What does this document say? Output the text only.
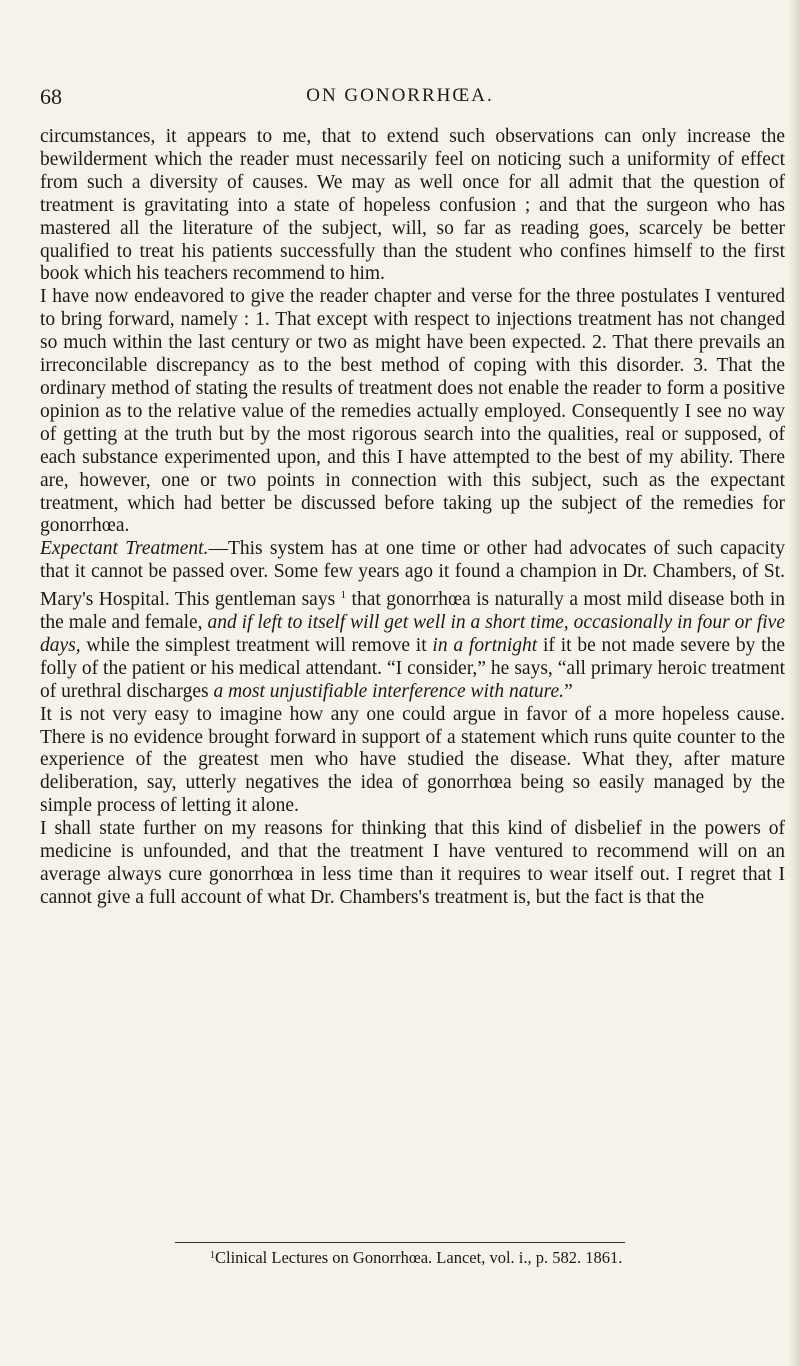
68	ON GONORRHŒA.

circumstances, it appears to me, that to extend such observations can only increase the bewilderment which the reader must necessarily feel on noticing such a uniformity of effect from such a diversity of causes. We may as well once for all admit that the question of treatment is gravitating into a state of hopeless confusion ; and that the surgeon who has mastered all the literature of the subject, will, so far as reading goes, scarcely be better qualified to treat his patients successfully than the student who confines himself to the first book which his teachers recommend to him.

I have now endeavored to give the reader chapter and verse for the three postulates I ventured to bring forward, namely : 1. That except with respect to injections treatment has not changed so much within the last century or two as might have been expected. 2. That there prevails an irreconcilable discrepancy as to the best method of coping with this disorder. 3. That the ordinary method of stating the results of treatment does not enable the reader to form a positive opinion as to the relative value of the remedies actually employed. Consequently I see no way of getting at the truth but by the most rigorous search into the qualities, real or supposed, of each substance experimented upon, and this I have attempted to the best of my ability. There are, however, one or two points in connection with this subject, such as the expectant treatment, which had better be discussed before taking up the subject of the remedies for gonorrhœa.

Expectant Treatment.—This system has at one time or other had advocates of such capacity that it cannot be passed over. Some few years ago it found a champion in Dr. Chambers, of St. Mary's Hospital. This gentleman says $^1$ that gonorrhœa is naturally a most mild disease both in the male and female, and if left to itself will get well in a short time, occasionally in four or five days, while the simplest treatment will remove it in a fortnight if it be not made severe by the folly of the patient or his medical attendant. “I consider,” he says, “all primary heroic treatment of urethral discharges a most unjustifiable interference with nature.”

It is not very easy to imagine how any one could argue in favor of a more hopeless cause. There is no evidence brought forward in support of a statement which runs quite counter to the experience of the greatest men who have studied the disease. What they, after mature deliberation, say, utterly negatives the idea of gonorrhœa being so easily managed by the simple process of letting it alone.

I shall state further on my reasons for thinking that this kind of disbelief in the powers of medicine is unfounded, and that the treatment I have ventured to recommend will on an average always cure gonorrhœa in less time than it requires to wear itself out. I regret that I cannot give a full account of what Dr. Chambers's treatment is, but the fact is that the

$^1$Clinical Lectures on Gonorrhœa. Lancet, vol. i., p. 582. 1861.
